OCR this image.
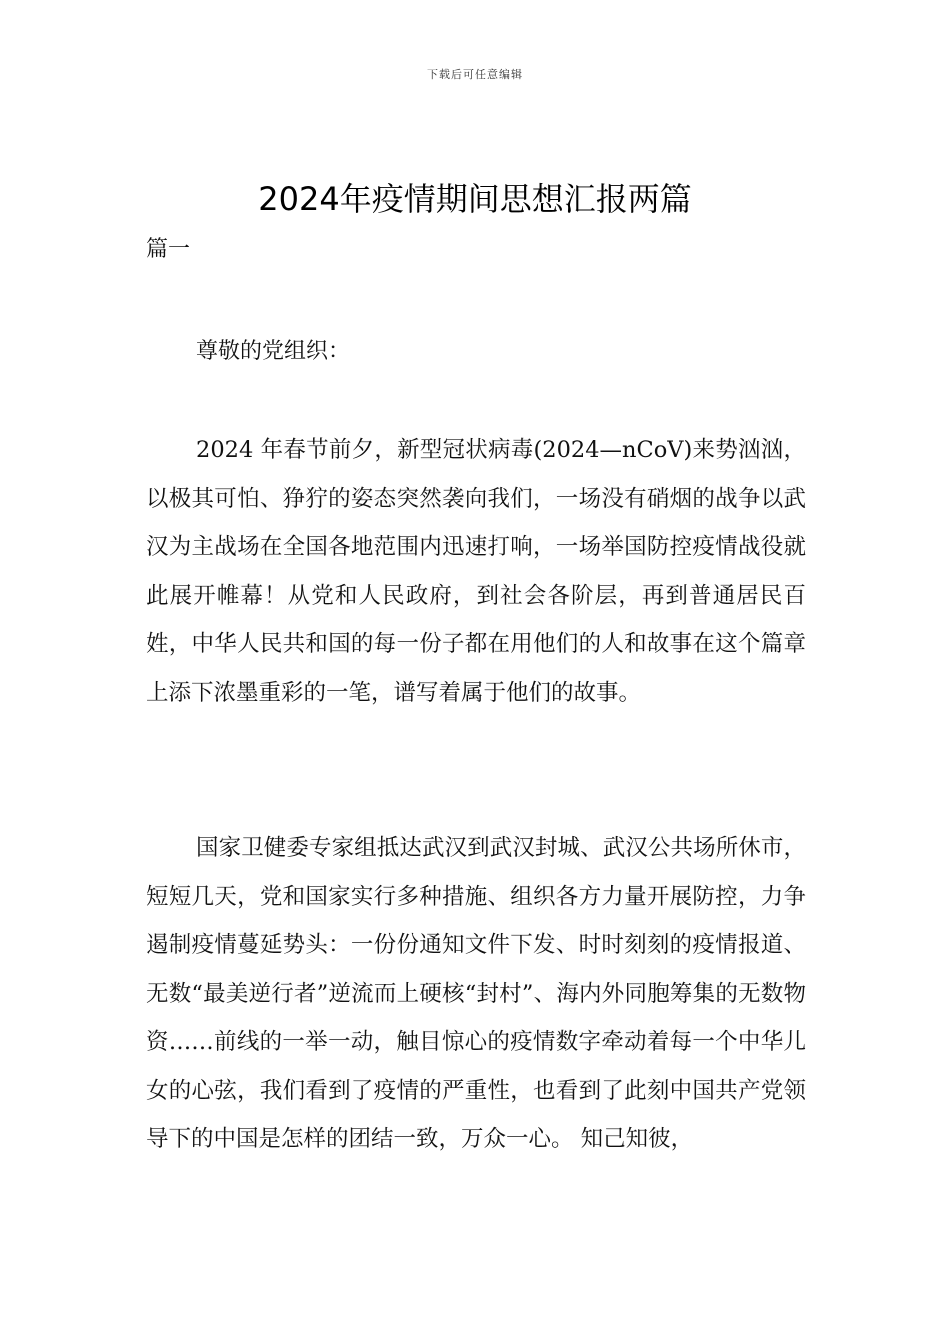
下载后可任意编辑
2024年疫情期间思想汇报两篇
篇一
尊敬的党组织：

2024 年春节前夕，新型冠状病毒(2024—nCoV)来势汹汹，以极其可怕、狰狞的姿态突然袭向我们，一场没有硝烟的战争以武汉为主战场在全国各地范围内迅速打响，一场举国防控疫情战役就此展开帷幕！从党和人民政府，到社会各阶层，再到普通居民百姓，中华人民共和国的每一份子都在用他们的人和故事在这个篇章上添下浓墨重彩的一笔，谱写着属于他们的故事。

国家卫健委专家组抵达武汉到武汉封城、武汉公共场所休市，短短几天，党和国家实行多种措施、组织各方力量开展防控，力争遏制疫情蔓延势头：一份份通知文件下发、时时刻刻的疫情报道、无数“最美逆行者”逆流而上硬核“封村”、海内外同胞筹集的无数物资……前线的一举一动，触目惊心的疫情数字牵动着每一个中华儿女的心弦，我们看到了疫情的严重性，也看到了此刻中国共产党领导下的中国是怎样的团结一致，万众一心。 知己知彼，
